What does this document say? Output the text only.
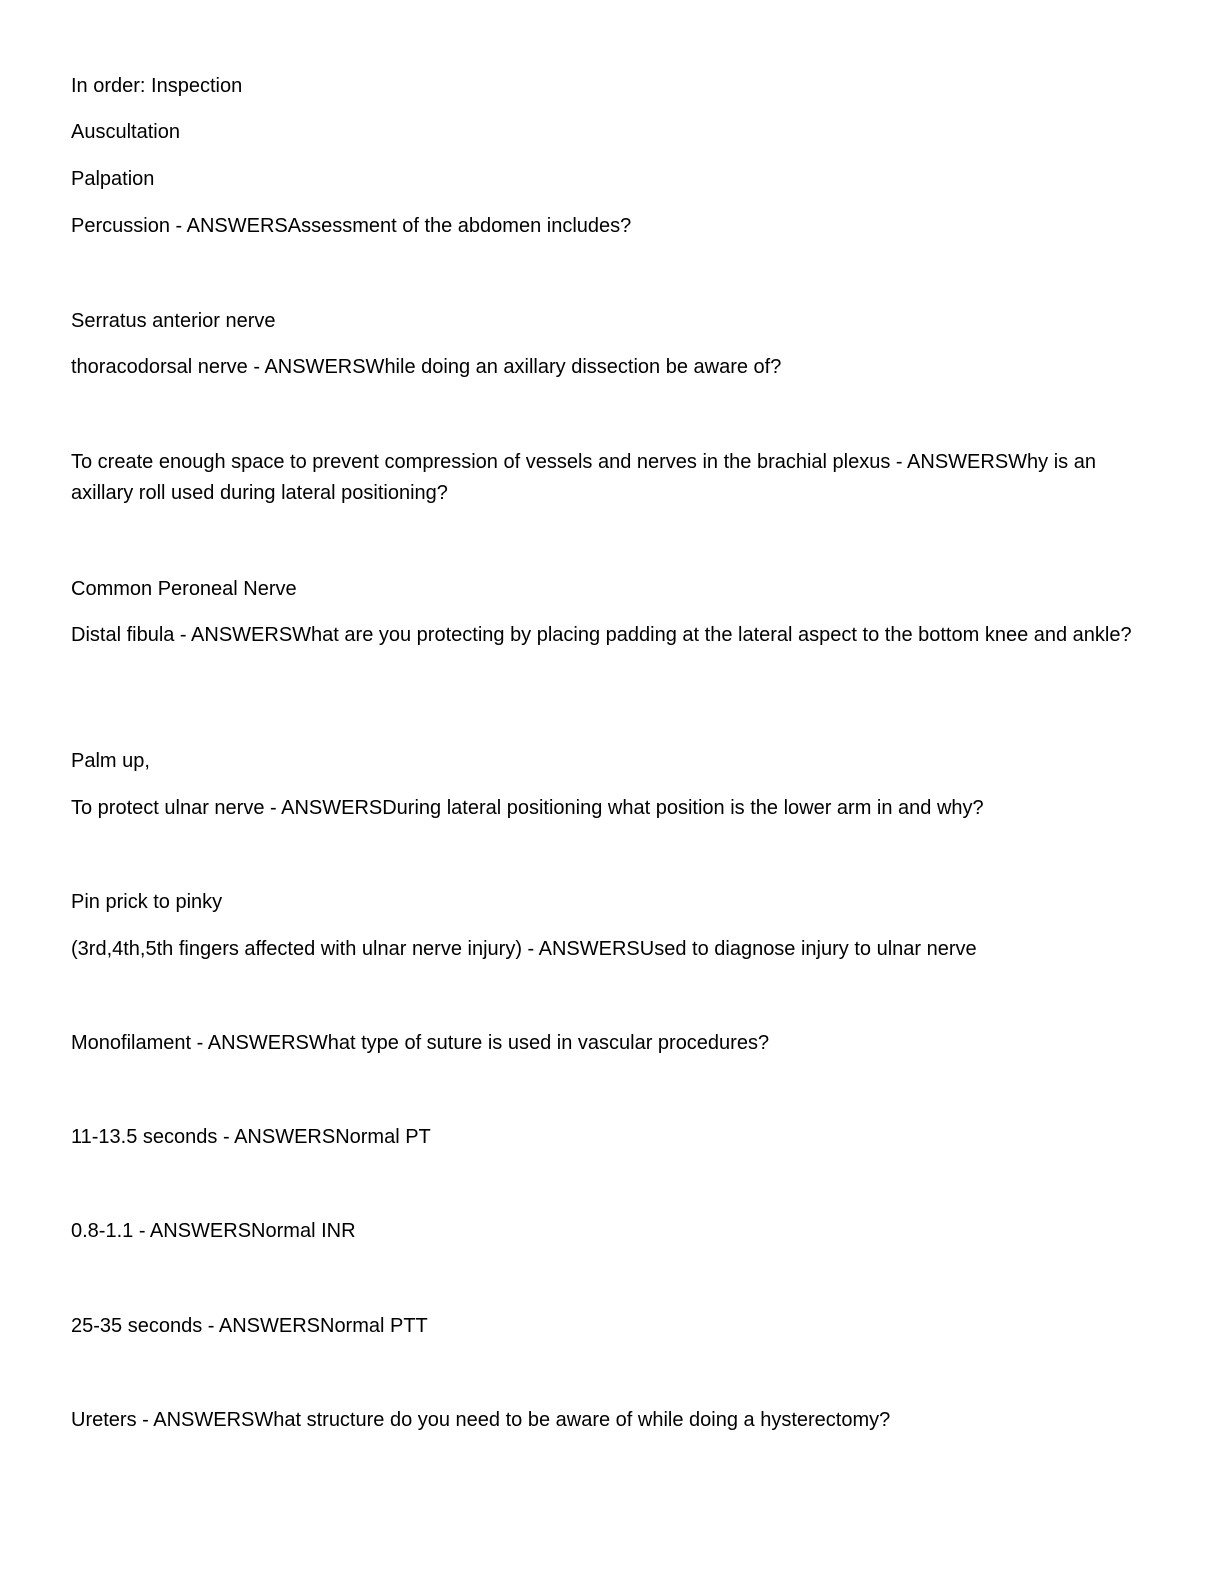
In order: Inspection

Auscultation

Palpation

Percussion - ANSWERSAssessment of the abdomen includes?

Serratus anterior nerve

thoracodorsal nerve - ANSWERSWhile doing an axillary dissection be aware of?

To create enough space to prevent compression of vessels and nerves in the brachial plexus - ANSWERSWhy is an axillary roll used during lateral positioning?

Common Peroneal Nerve

Distal fibula - ANSWERSWhat are you protecting by placing padding at the lateral aspect to the bottom knee and ankle?

Palm up,

To protect ulnar nerve - ANSWERSDuring lateral positioning what position is the lower arm in and why?

Pin prick to pinky

(3rd,4th,5th fingers affected with ulnar nerve injury) - ANSWERSUsed to diagnose injury to ulnar nerve

Monofilament - ANSWERSWhat type of suture is used in vascular procedures?

11-13.5 seconds - ANSWERSNormal PT

0.8-1.1 - ANSWERSNormal INR

25-35 seconds - ANSWERSNormal PTT

Ureters - ANSWERSWhat structure do you need to be aware of while doing a hysterectomy?
